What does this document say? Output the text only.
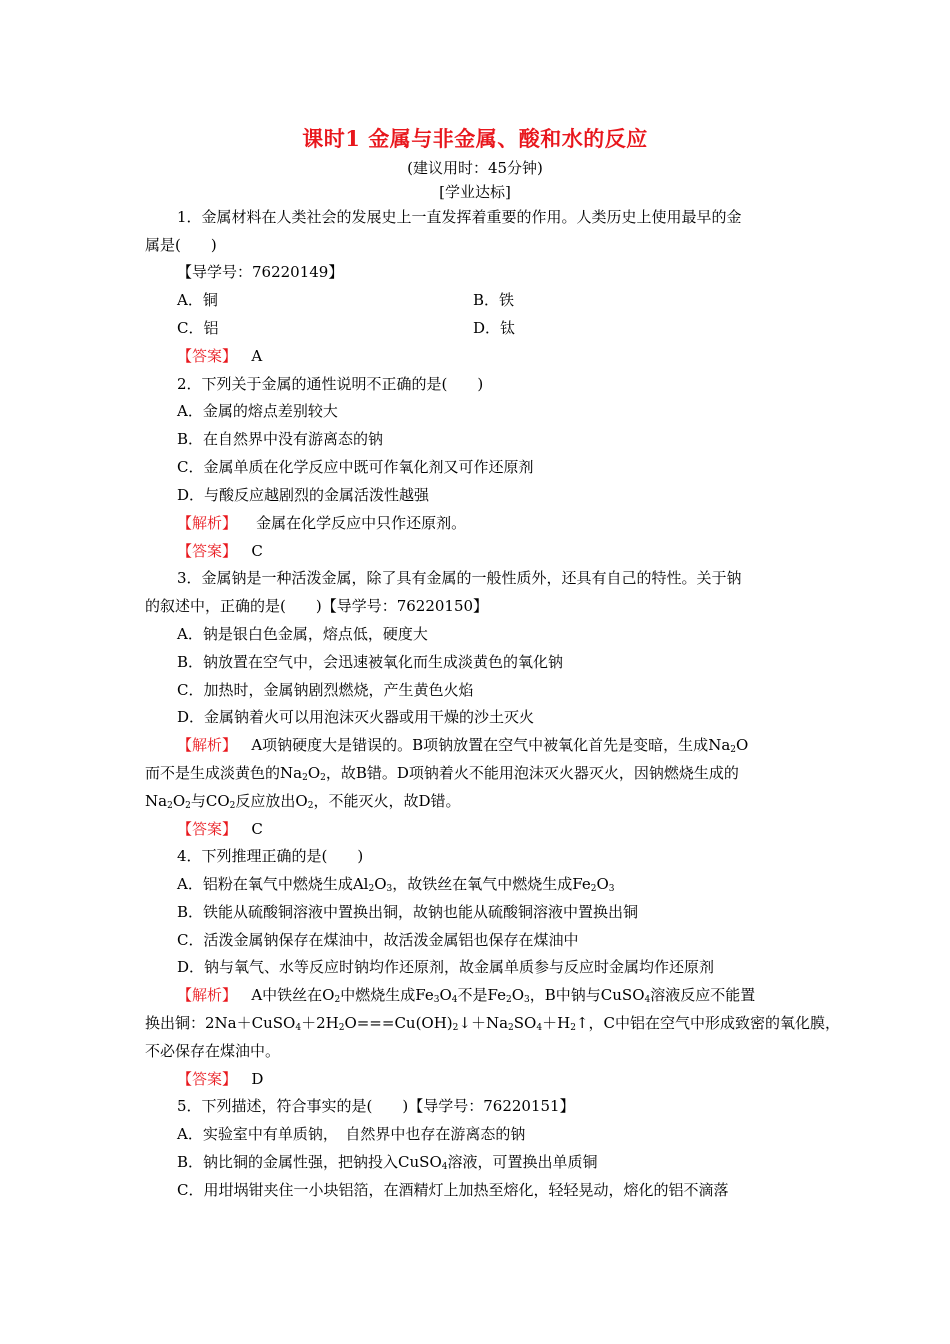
课时1 金属与非金属、酸和水的反应
(建议用时：45分钟)
[学业达标]
1．金属材料在人类社会的发展史上一直发挥着重要的作用。人类历史上使用最早的金
属是(　　)
【导学号：76220149】
A．铜	B．铁
C．铝	D．钛
【答案】 A
2．下列关于金属的通性说明不正确的是(　　)
A．金属的熔点差别较大
B．在自然界中没有游离态的钠
C．金属单质在化学反应中既可作氧化剂又可作还原剂
D．与酸反应越剧烈的金属活泼性越强
【解析】 金属在化学反应中只作还原剂。
【答案】 C
3．金属钠是一种活泼金属，除了具有金属的一般性质外，还具有自己的特性。关于钠
的叙述中，正确的是(　　)【导学号：76220150】
A．钠是银白色金属，熔点低，硬度大
B．钠放置在空气中，会迅速被氧化而生成淡黄色的氧化钠
C．加热时，金属钠剧烈燃烧，产生黄色火焰
D．金属钠着火可以用泡沫灭火器或用干燥的沙土灭火
【解析】 A项钠硬度大是错误的。B项钠放置在空气中被氧化首先是变暗，生成$Na_2O$
而不是生成淡黄色的$Na_2O_2$，故B错。D项钠着火不能用泡沫灭火器灭火，因钠燃烧生成的
$Na_2O_2$与$CO_2$反应放出$O_2$，不能灭火，故D错。
【答案】 C
4．下列推理正确的是(　　)
A．铝粉在氧气中燃烧生成$Al_2O_3$，故铁丝在氧气中燃烧生成$Fe_2O_3$
B．铁能从硫酸铜溶液中置换出铜，故钠也能从硫酸铜溶液中置换出铜
C．活泼金属钠保存在煤油中，故活泼金属铝也保存在煤油中
D．钠与氧气、水等反应时钠均作还原剂，故金属单质参与反应时金属均作还原剂
【解析】 A中铁丝在$O_2$中燃烧生成$Fe_3O_4$不是$Fe_2O_3$，B中钠与CuSO$_4$溶液反应不能置
换出铜：$2Na+CuSO_4+2H_2O===Cu(OH)_2↓+Na_2SO_4+H_2↑$，C中铝在空气中形成致密的氧化膜，
不必保存在煤油中。
【答案】 D
5．下列描述，符合事实的是(　　)【导学号：76220151】
A．实验室中有单质钠，　自然界中也存在游离态的钠
B．钠比铜的金属性强，把钠投入CuSO$_4$溶液，可置换出单质铜
C．用坩埚钳夹住一小块铝箔，在酒精灯上加热至熔化，轻轻晃动，熔化的铝不滴落
